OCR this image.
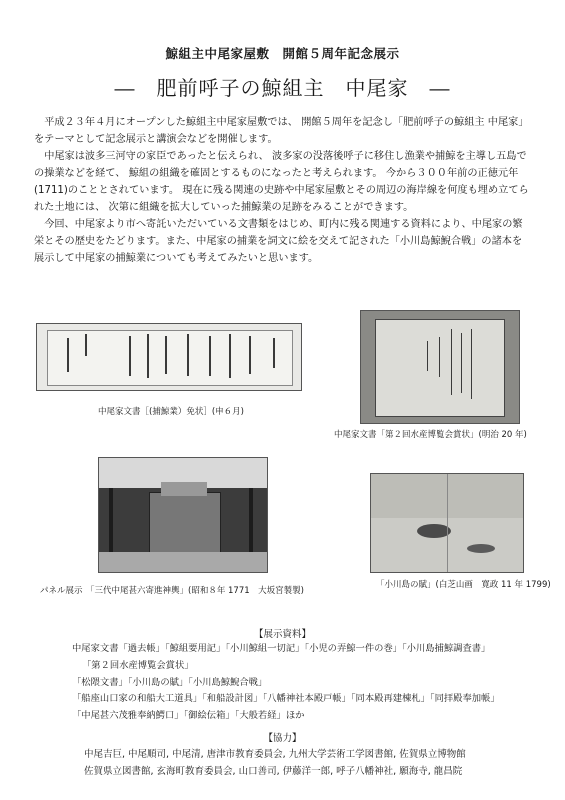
鯨組主中尾家屋敷　開館５周年記念展示
―　肥前呼子の鯨組主　中尾家　―

平成２３年４月にオープンした鯨組主中尾家屋敷では、 開館５周年を記念し「肥前呼子の鯨組主 中尾家」をテーマとして記念展示と講演会などを開催します。

中尾家は波多三河守の家臣であったと伝えられ、 波多家の没落後呼子に移住し漁業や捕鯨を主導し五島での操業などを経て、 鯨組の組織を確固とするものになったと考えられます。 今から３００年前の正徳元年(1711)のこととされています。 現在に残る関連の史跡や中尾家屋敷とその周辺の海岸線を何度も埋め立てられた土地には、 次第に組織を拡大していった捕鯨業の足跡をみることができます。

今回、中尾家より市へ寄託いただいている文書類をはじめ、町内に残る関連する資料により、中尾家の繁栄とその歴史をたどります。また、中尾家の捕業を詞文に絵を交えて記された「小川島鯨鯢合戦」の諸本を展示して中尾家の捕鯨業についても考えてみたいと思います。

中尾家文書［(捕鯨業）免状］(申６月)
中尾家文書「第２回水産博覧会賞状」(明治 20 年)
パネル展示 「三代中尾甚六寄進神輿」(昭和８年 1771　大坂宮製製)
「小川島の賦」(白芝山画　寛政 11 年 1799)
【展示資料】
中尾家文書「過去帳」「鯨組要用記」「小川鯨組一切記」「小児の弄鯨一件の巻」「小川島捕鯨調査書」
「第２回水産博覧会賞状」
「松隈文書」「小川島の賦」「小川島鯨鯢合戦」
「船座山口家の和船大工道具」「和船設計図」「八幡神社本殿戸帳」「同本殿再建棟札」「同拝殿奉加帳」
「中尾甚六茂雅奉納鰐口」「御絵伝箱」「大般若経」ほか
【協力】
中尾吉巨, 中尾順司, 中尾清, 唐津市教育委員会, 九州大学芸術工学図書館, 佐賀県立博物館
佐賀県立図書館, 玄海町教育委員会, 山口善司, 伊藤洋一郎, 呼子八幡神社, 願海寺, 龍昌院
